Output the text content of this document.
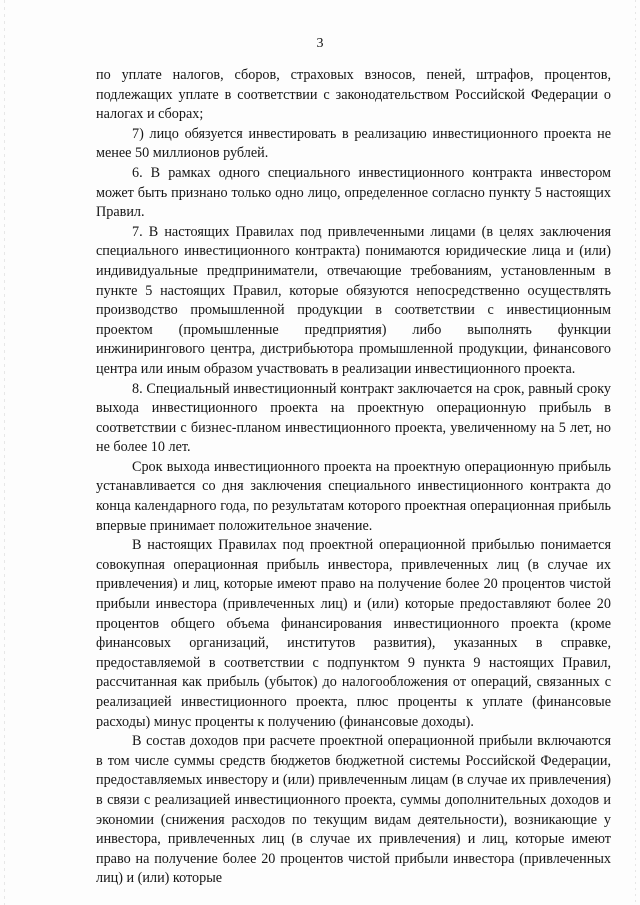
3

по уплате налогов, сборов, страховых взносов, пеней, штрафов, процентов, подлежащих уплате в соответствии с законодательством Российской Федерации о налогах и сборах;

7) лицо обязуется инвестировать в реализацию инвестиционного проекта не менее 50 миллионов рублей.

6. В рамках одного специального инвестиционного контракта инвестором может быть признано только одно лицо, определенное согласно пункту 5 настоящих Правил.

7. В настоящих Правилах под привлеченными лицами (в целях заключения специального инвестиционного контракта) понимаются юридические лица и (или) индивидуальные предприниматели, отвечающие требованиям, установленным в пункте 5 настоящих Правил, которые обязуются непосредственно осуществлять производство промышленной продукции в соответствии с инвестиционным проектом (промышленные предприятия) либо выполнять функции инжинирингового центра, дистрибьютора промышленной продукции, финансового центра или иным образом участвовать в реализации инвестиционного проекта.

8. Специальный инвестиционный контракт заключается на срок, равный сроку выхода инвестиционного проекта на проектную операционную прибыль в соответствии с бизнес-планом инвестиционного проекта, увеличенному на 5 лет, но не более 10 лет.

Срок выхода инвестиционного проекта на проектную операционную прибыль устанавливается со дня заключения специального инвестиционного контракта до конца календарного года, по результатам которого проектная операционная прибыль впервые принимает положительное значение.

В настоящих Правилах под проектной операционной прибылью понимается совокупная операционная прибыль инвестора, привлеченных лиц (в случае их привлечения) и лиц, которые имеют право на получение более 20 процентов чистой прибыли инвестора (привлеченных лиц) и (или) которые предоставляют более 20 процентов общего объема финансирования инвестиционного проекта (кроме финансовых организаций, институтов развития), указанных в справке, предоставляемой в соответствии с подпунктом 9 пункта 9 настоящих Правил, рассчитанная как прибыль (убыток) до налогообложения от операций, связанных с реализацией инвестиционного проекта, плюс проценты к уплате (финансовые расходы) минус проценты к получению (финансовые доходы).

В состав доходов при расчете проектной операционной прибыли включаются в том числе суммы средств бюджетов бюджетной системы Российской Федерации, предоставляемых инвестору и (или) привлеченным лицам (в случае их привлечения) в связи с реализацией инвестиционного проекта, суммы дополнительных доходов и экономии (снижения расходов по текущим видам деятельности), возникающие у инвестора, привлеченных лиц (в случае их привлечения) и лиц, которые имеют право на получение более 20 процентов чистой прибыли инвестора (привлеченных лиц) и (или) которые
